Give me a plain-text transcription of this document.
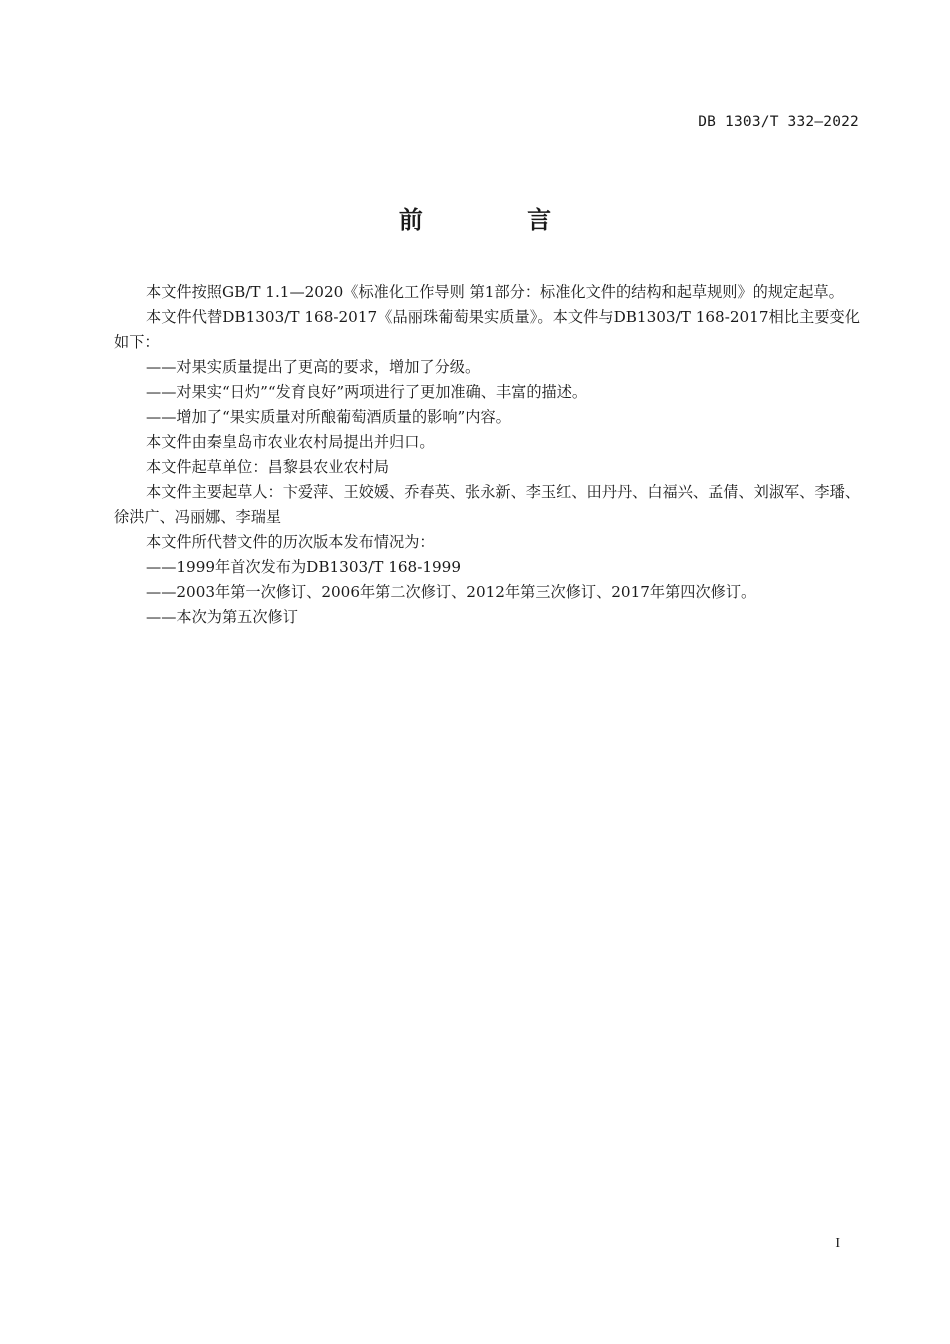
DB 1303/T 332—2022
前 言

本文件按照GB/T 1.1—2020《标准化工作导则 第1部分：标准化文件的结构和起草规则》的规定起草。

本文件代替DB1303/T 168-2017《品丽珠葡萄果实质量》。本文件与DB1303/T 168-2017相比主要变化如下：

——对果实质量提出了更高的要求，增加了分级。

——对果实“日灼”“发育良好”两项进行了更加准确、丰富的描述。

——增加了“果实质量对所酿葡萄酒质量的影响”内容。

本文件由秦皇岛市农业农村局提出并归口。

本文件起草单位：昌黎县农业农村局

本文件主要起草人：卞爱萍、王姣媛、乔春英、张永新、李玉红、田丹丹、白福兴、孟倩、刘淑军、李璠、徐洪广、冯丽娜、李瑞星

本文件所代替文件的历次版本发布情况为：

——1999年首次发布为DB1303/T 168-1999

——2003年第一次修订、2006年第二次修订、2012年第三次修订、2017年第四次修订。

——本次为第五次修订

I
